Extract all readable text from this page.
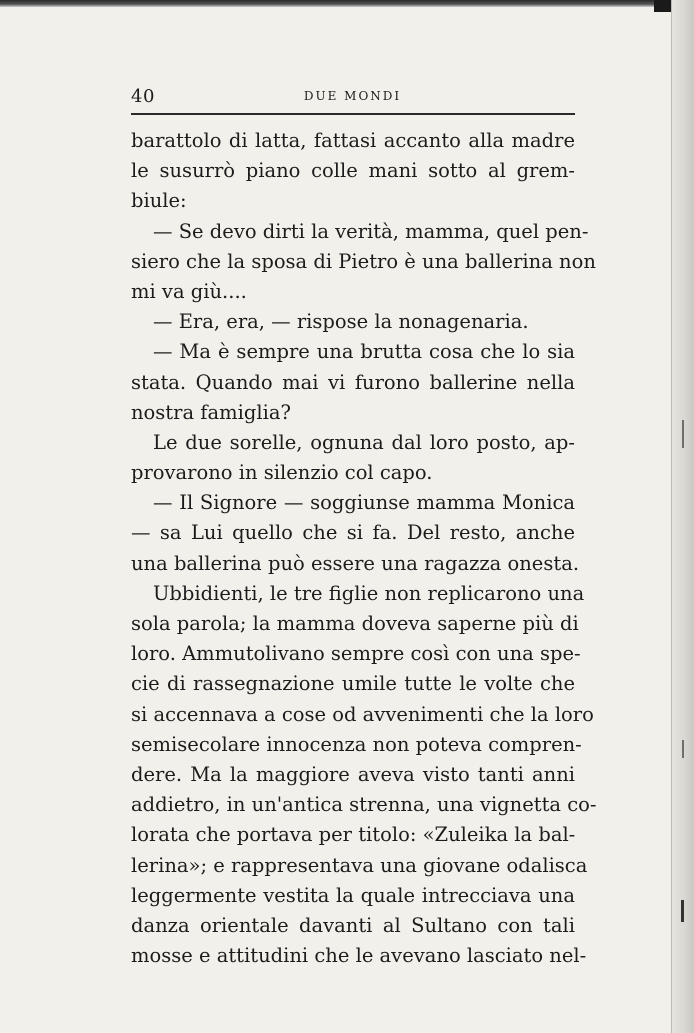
40	DUE MONDI
barattolo di latta, fattasi accanto alla madre
le susurrò piano colle mani sotto al grem-
biule:
— Se devo dirti la verità, mamma, quel pen-
siero che la sposa di Pietro è una ballerina non
mi va giù....
— Era, era, — rispose la nonagenaria.
— Ma è sempre una brutta cosa che lo sia
stata. Quando mai vi furono ballerine nella
nostra famiglia?
Le due sorelle, ognuna dal loro posto, ap-
provarono in silenzio col capo.
— Il Signore — soggiunse mamma Monica
— sa Lui quello che si fa. Del resto, anche
una ballerina può essere una ragazza onesta.
Ubbidienti, le tre figlie non replicarono una
sola parola; la mamma doveva saperne più di
loro. Ammutolivano sempre così con una spe-
cie di rassegnazione umile tutte le volte che
si accennava a cose od avvenimenti che la loro
semisecolare innocenza non poteva compren-
dere. Ma la maggiore aveva visto tanti anni
addietro, in un'antica strenna, una vignetta co-
lorata che portava per titolo: «Zuleika la bal-
lerina»; e rappresentava una giovane odalisca
leggermente vestita la quale intrecciava una
danza orientale davanti al Sultano con tali
mosse e attitudini che le avevano lasciato nel-
